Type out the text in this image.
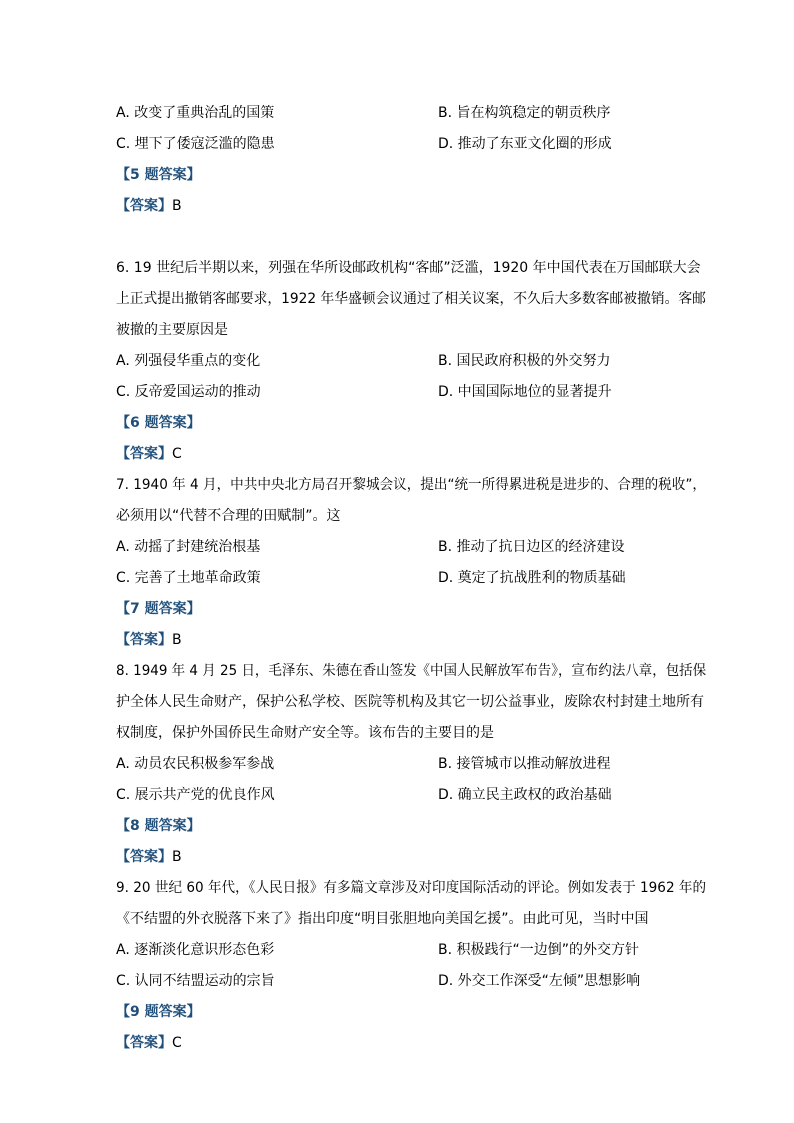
A. 改变了重典治乱的国策	B. 旨在构筑稳定的朝贡秩序
C. 埋下了倭寇泛滥的隐患	D. 推动了东亚文化圈的形成
【5 题答案】
【答案】B
6. 19 世纪后半期以来，列强在华所设邮政机构“客邮”泛滥，1920 年中国代表在万国邮联大会
上正式提出撤销客邮要求，1922 年华盛顿会议通过了相关议案，不久后大多数客邮被撤销。客邮
被撤的主要原因是
A. 列强侵华重点的变化	B. 国民政府积极的外交努力
C. 反帝爱国运动的推动	D. 中国国际地位的显著提升
【6 题答案】
【答案】C
7. 1940 年 4 月，中共中央北方局召开黎城会议，提出“统一所得累进税是进步的、合理的税收”，
必须用以“代替不合理的田赋制”。这
A. 动摇了封建统治根基	B. 推动了抗日边区的经济建设
C. 完善了土地革命政策	D. 奠定了抗战胜利的物质基础
【7 题答案】
【答案】B
8. 1949 年 4 月 25 日，毛泽东、朱德在香山签发《中国人民解放军布告》，宣布约法八章，包括保
护全体人民生命财产，保护公私学校、医院等机构及其它一切公益事业，废除农村封建土地所有
权制度，保护外国侨民生命财产安全等。该布告的主要目的是
A. 动员农民积极参军参战	B. 接管城市以推动解放进程
C. 展示共产党的优良作风	D. 确立民主政权的政治基础
【8 题答案】
【答案】B
9. 20 世纪 60 年代，《人民日报》有多篇文章涉及对印度国际活动的评论。例如发表于 1962 年的
《不结盟的外衣脱落下来了》指出印度“明目张胆地向美国乞援”。由此可见，当时中国
A. 逐渐淡化意识形态色彩	B. 积极践行“一边倒”的外交方针
C. 认同不结盟运动的宗旨	D. 外交工作深受“左倾”思想影响
【9 题答案】
【答案】C
